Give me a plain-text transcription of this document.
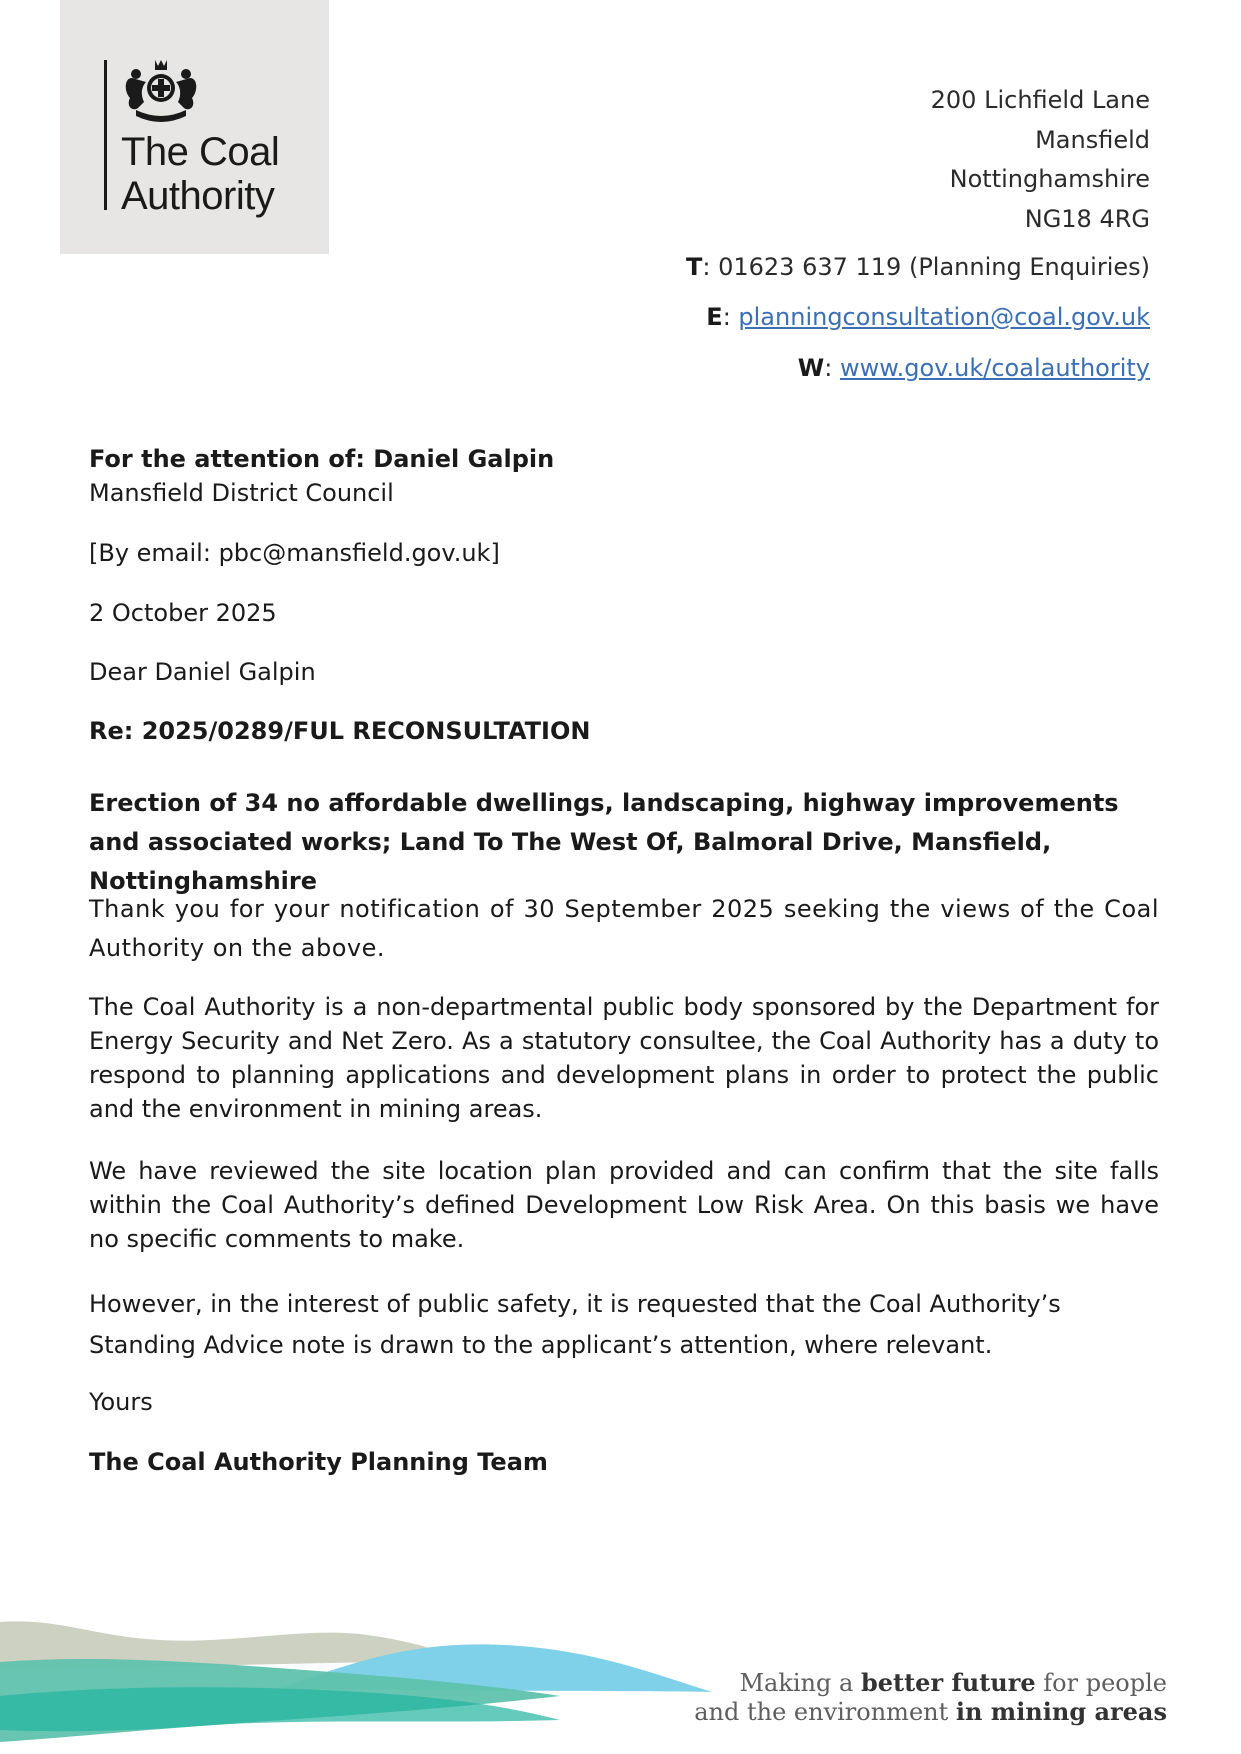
The Coal
Authority
200 Lichfield Lane
Mansfield
Nottinghamshire
NG18 4RG
T: 01623 637 119 (Planning Enquiries)
E: planningconsultation@coal.gov.uk
W: www.gov.uk/coalauthority
For the attention of: Daniel Galpin
Mansfield District Council
[By email: pbc@mansfield.gov.uk]
2 October 2025
Dear Daniel Galpin
Re: 2025/0289/FUL RECONSULTATION
Erection of 34 no affordable dwellings, landscaping, highway improvements and associated works; Land To The West Of, Balmoral Drive, Mansfield, Nottinghamshire
Thank you for your notification of 30 September 2025 seeking the views of the Coal Authority on the above.
The Coal Authority is a non-departmental public body sponsored by the Department for Energy Security and Net Zero. As a statutory consultee, the Coal Authority has a duty to respond to planning applications and development plans in order to protect the public and the environment in mining areas.
We have reviewed the site location plan provided and can confirm that the site falls within the Coal Authority’s defined Development Low Risk Area. On this basis we have no specific comments to make.
However, in the interest of public safety, it is requested that the Coal Authority’s Standing Advice note is drawn to the applicant’s attention, where relevant.
Yours
The Coal Authority Planning Team
Making a better future for people
and the environment in mining areas
